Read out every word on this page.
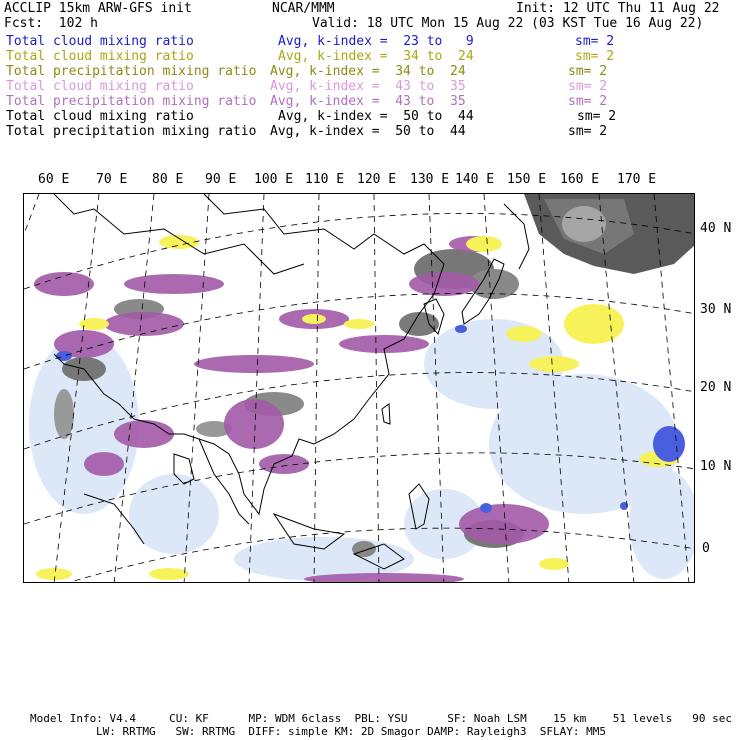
ACCLIP 15km ARW-GFS init	NCAR/MMM	Init: 12 UTC Thu 11 Aug 22
Fcst:  102 h	Valid: 18 UTC Mon 15 Aug 22 (03 KST Tue 16 Aug 22)
Total cloud mixing ratio	Avg, k-index =  23 to   9	sm= 2
Total cloud mixing ratio	Avg, k-index =  34 to  24	sm= 2
Total precipitation mixing ratio Avg, k-index =  34 to  24	sm= 2
Total cloud mixing ratio	Avg, k-index =  43 to  35	sm= 2
Total precipitation mixing ratio Avg, k-index =  43 to  35	sm= 2
Total cloud mixing ratio	Avg, k-index =  50 to  44	sm= 2
Total precipitation mixing ratio Avg, k-index =  50 to  44	sm= 2
60 E 70 E 80 E 90 E 100 E 110 E 120 E 130 E 140 E 150 E 160 E 170 E
40 N
30 N
20 N
10 N
0
Model Info: V4.4     CU: KF      MP: WDM 6class  PBL: YSU      SF: Noah LSM    15 km    51 levels   90 sec
LW: RRTMG   SW: RRTMG  DIFF: simple KM: 2D Smagor DAMP: Rayleigh3  SFLAY: MM5
